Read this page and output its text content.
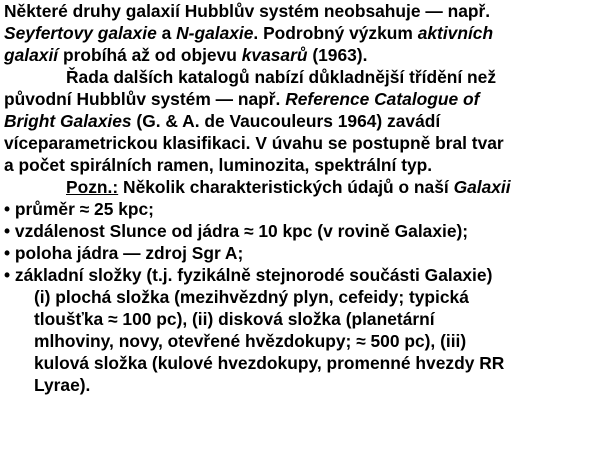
Některé druhy galaxií Hubblův systém neobsahuje — např.
Seyfertovy galaxie a N-galaxie. Podrobný výzkum aktivních
galaxií probíhá až od objevu kvasarů (1963).
Řada dalších katalogů nabízí důkladnější třídění než
původní Hubblův systém — např. Reference Catalogue of
Bright Galaxies (G. & A. de Vaucouleurs 1964) zavádí
víceparametrickou klasifikaci. V úvahu se postupně bral tvar
a počet spirálních ramen, luminozita, spektrální typ.
Pozn.: Několik charakteristických údajů o naší Galaxii
• průměr ≈ 25 kpc;
• vzdálenost Slunce od jádra ≈ 10 kpc (v rovině Galaxie);
• poloha jádra — zdroj Sgr A;
• základní složky (t.j. fyzikálně stejnorodé součásti Galaxie)
(i) plochá složka (mezihvězdný plyn, cefeidy; typická
tloušťka ≈ 100 pc), (ii) disková složka (planetární
mlhoviny, novy, otevřené hvězdokupy; ≈ 500 pc), (iii)
kulová složka (kulové hvezdokupy, promenné hvezdy RR
Lyrae).
